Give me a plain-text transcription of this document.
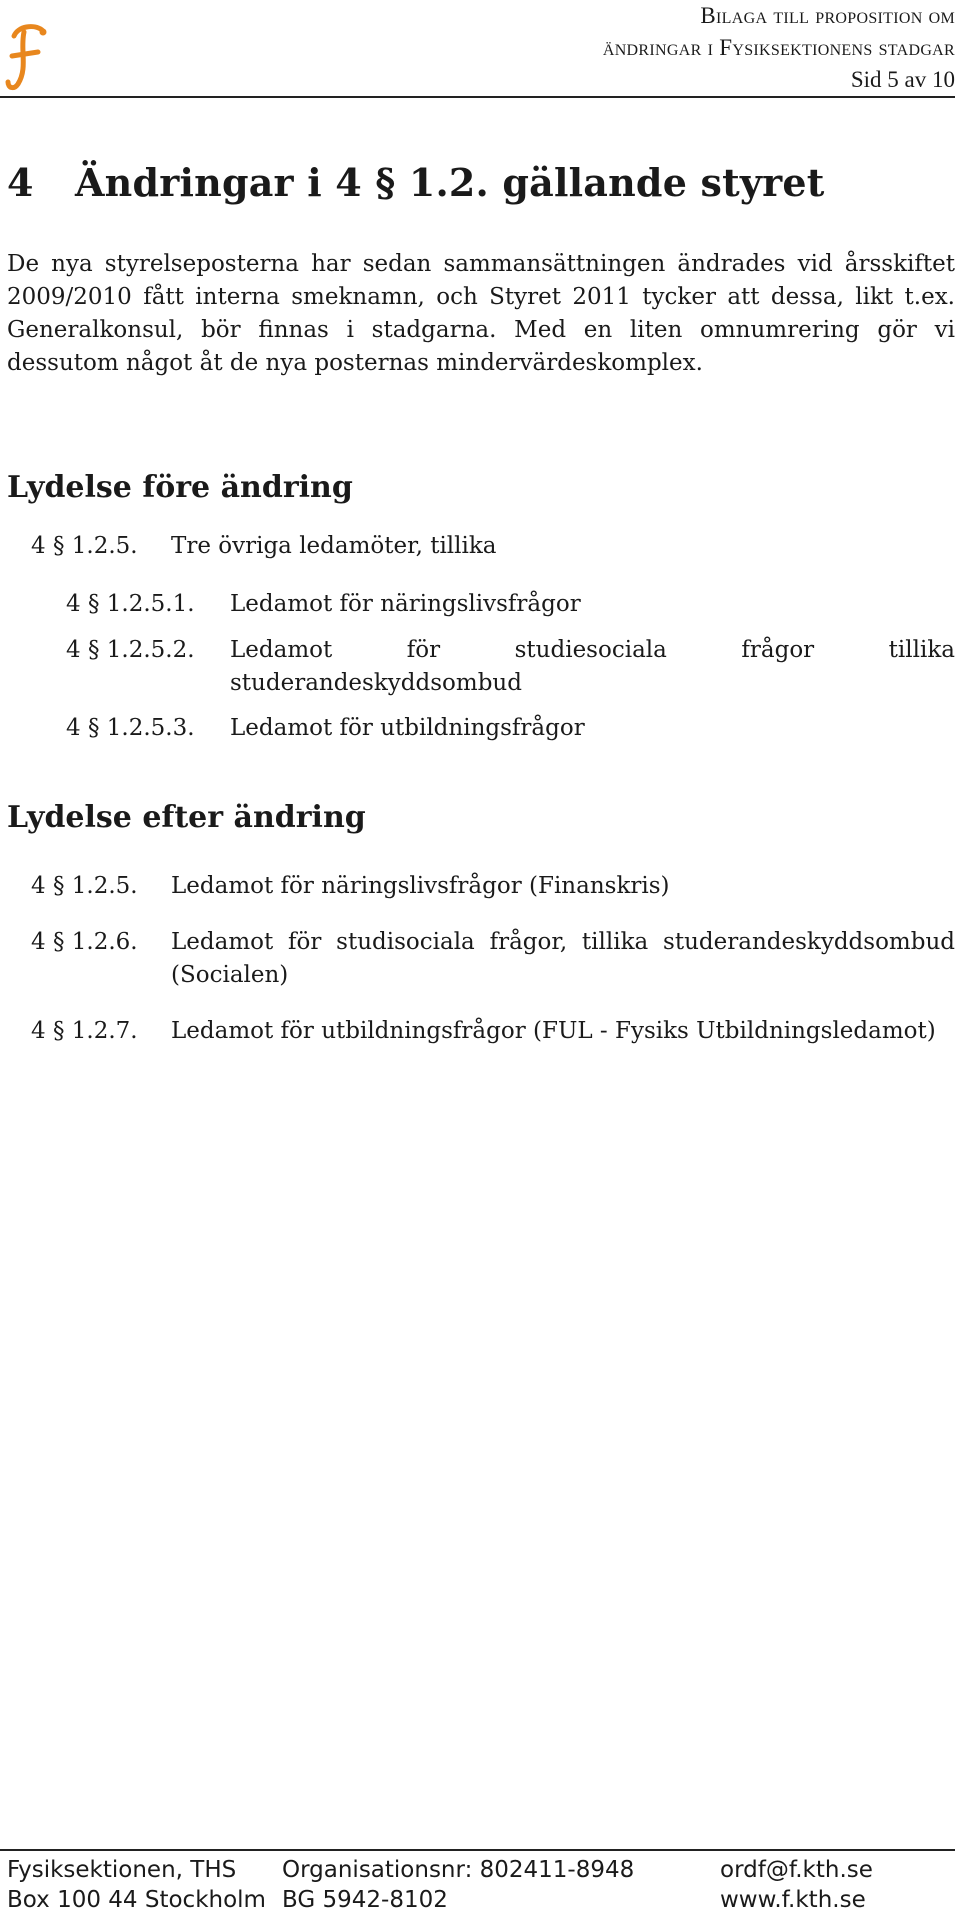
Bilaga till proposition om
ändringar i Fysiksektionens stadgar
Sid 5 av 10
4 Ändringar i 4 § 1.2. gällande styret

De nya styrelseposterna har sedan sammansättningen ändrades vid årsskiftet 2009/2010 fått interna smeknamn, och Styret 2011 tycker att dessa, likt t.ex. Generalkonsul, bör finnas i stadgarna. Med en liten omnumrering gör vi dessutom något åt de nya posternas mindervärdeskomplex.

Lydelse före ändring
4 § 1.2.5. Tre övriga ledamöter, tillika
4 § 1.2.5.1. Ledamot för näringslivsfrågor
4 § 1.2.5.2. Ledamot för studiesociala frågor tillika studerandeskyddsombud
4 § 1.2.5.3. Ledamot för utbildningsfrågor
Lydelse efter ändring
4 § 1.2.5. Ledamot för näringslivsfrågor (Finanskris)
4 § 1.2.6. Ledamot för studisociala frågor, tillika studerandeskyddsombud (Socialen)
4 § 1.2.7. Ledamot för utbildningsfrågor (FUL - Fysiks Utbildningsledamot)
Fysiksektionen, THS
Box 100 44 Stockholm
Organisationsnr: 802411-8948
BG 5942-8102
ordf@f.kth.se
www.f.kth.se
